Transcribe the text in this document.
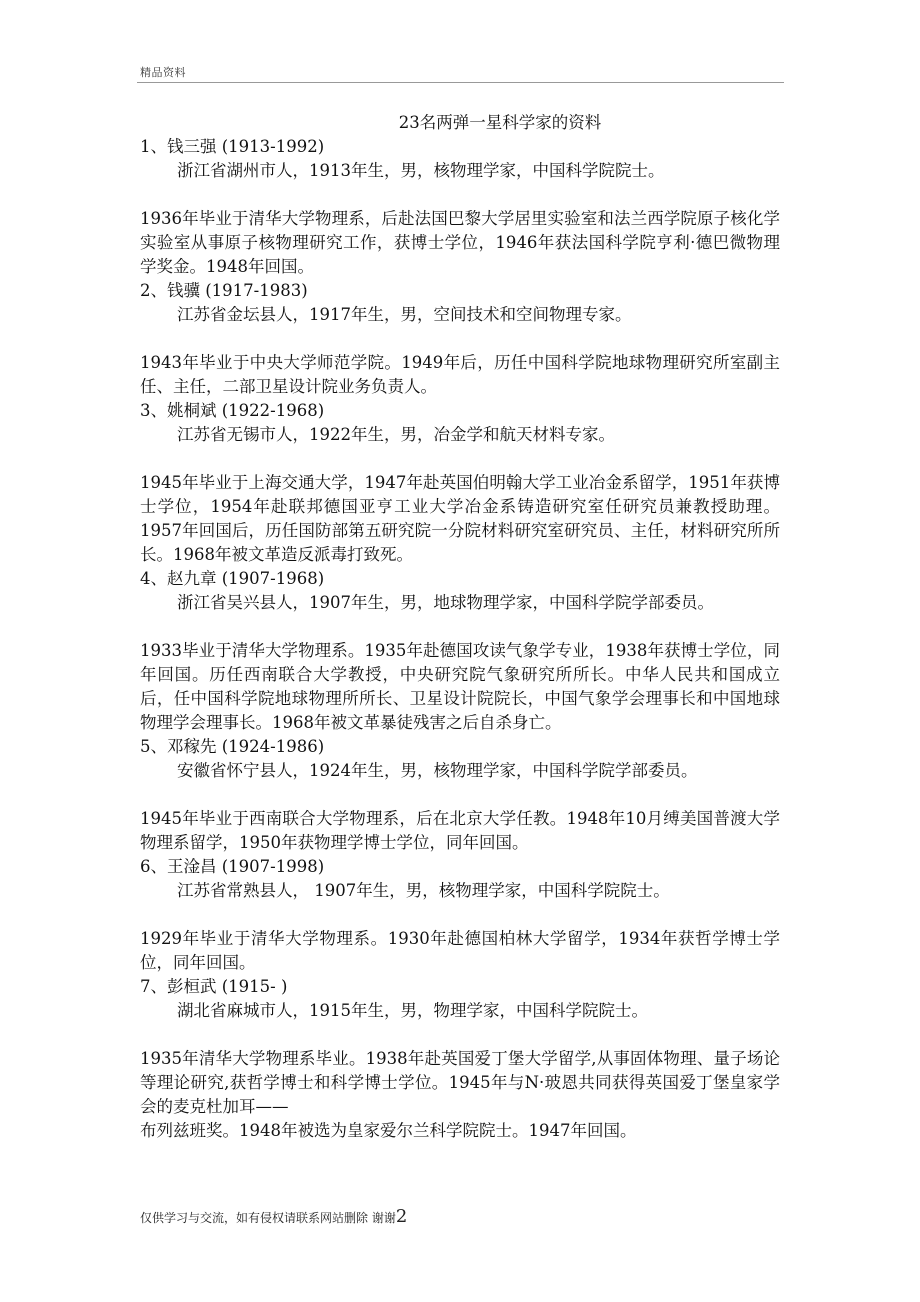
精品资料

23名两弹一星科学家的资料

1、钱三强 (1913-1992)

浙江省湖州市人，1913年生，男，核物理学家，中国科学院院士。

1936年毕业于清华大学物理系，后赴法国巴黎大学居里实验室和法兰西学院原子核化学实验室从事原子核物理研究工作，获博士学位，1946年获法国科学院亨利·德巴微物理学奖金。1948年回国。

2、钱骥 (1917-1983)

江苏省金坛县人，1917年生，男，空间技术和空间物理专家。

1943年毕业于中央大学师范学院。1949年后，历任中国科学院地球物理研究所室副主任、主任，二部卫星设计院业务负责人。

3、姚桐斌 (1922-1968)

江苏省无锡市人，1922年生，男，冶金学和航天材料专家。

1945年毕业于上海交通大学，1947年赴英国伯明翰大学工业冶金系留学，1951年获博士学位，1954年赴联邦德国亚亨工业大学冶金系铸造研究室任研究员兼教授助理。1957年回国后，历任国防部第五研究院一分院材料研究室研究员、主任，材料研究所所长。1968年被文革造反派毒打致死。

4、赵九章 (1907-1968)

浙江省吴兴县人，1907年生，男，地球物理学家，中国科学院学部委员。

1933毕业于清华大学物理系。1935年赴德国攻读气象学专业，1938年获博士学位，同年回国。历任西南联合大学教授，中央研究院气象研究所所长。中华人民共和国成立后，任中国科学院地球物理所所长、卫星设计院院长，中国气象学会理事长和中国地球物理学会理事长。1968年被文革暴徒残害之后自杀身亡。

5、邓稼先 (1924-1986)

安徽省怀宁县人，1924年生，男，核物理学家，中国科学院学部委员。

1945年毕业于西南联合大学物理系，后在北京大学任教。1948年10月缚美国普渡大学物理系留学，1950年获物理学博士学位，同年回国。

6、王淦昌 (1907-1998)

江苏省常熟县人， 1907年生，男，核物理学家，中国科学院院士。

1929年毕业于清华大学物理系。1930年赴德国柏林大学留学，1934年获哲学博士学位，同年回国。

7、彭桓武 (1915- )

湖北省麻城市人，1915年生，男，物理学家，中国科学院院士。

1935年清华大学物理系毕业。1938年赴英国爱丁堡大学留学,从事固体物理、量子场论等理论研究,获哲学博士和科学博士学位。1945年与N·玻恩共同获得英国爱丁堡皇家学会的麦克杜加耳——

布列兹班奖。1948年被选为皇家爱尔兰科学院院士。1947年回国。

仅供学习与交流，如有侵权请联系网站删除 谢谢2
